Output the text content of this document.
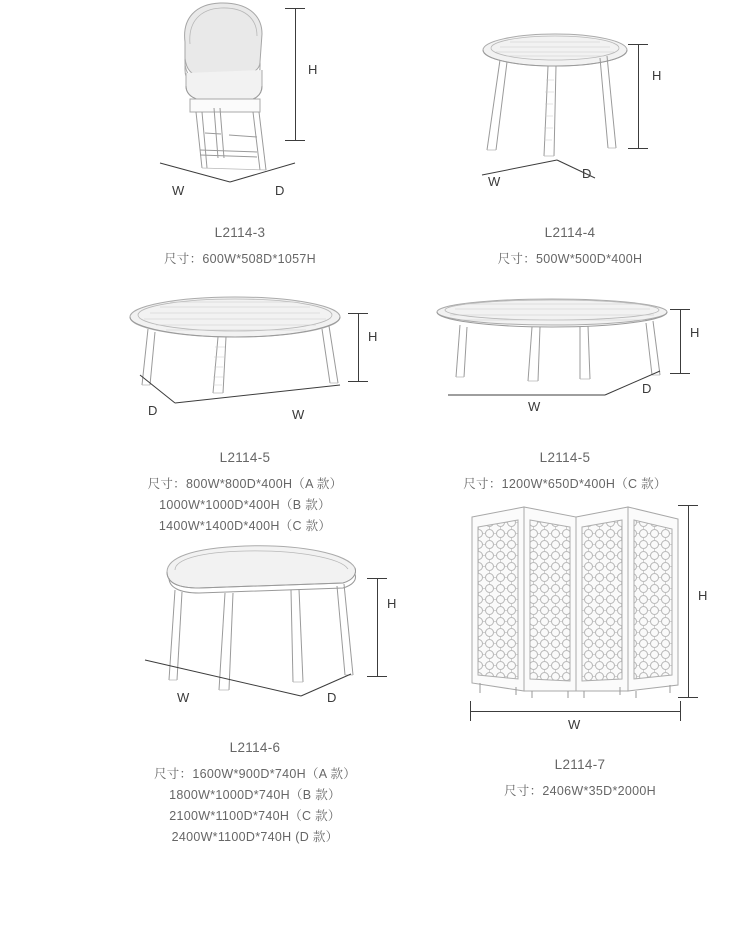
H
W	D
L2114-3
尺寸：600W*508D*1057H
H
W
D
L2114-4
尺寸：500W*500D*400H
H
D	W
L2114-5
尺寸：800W*800D*400H（A 款）
1000W*1000D*400H（B 款）
1400W*1400D*400H（C 款）
H
W
D
L2114-5
尺寸：1200W*650D*400H（C 款）
H
W	D
L2114-6
尺寸：1600W*900D*740H（A 款）
1800W*1000D*740H（B 款）
2100W*1100D*740H（C 款）
2400W*1100D*740H (D 款）
H
W
L2114-7
尺寸：2406W*35D*2000H
